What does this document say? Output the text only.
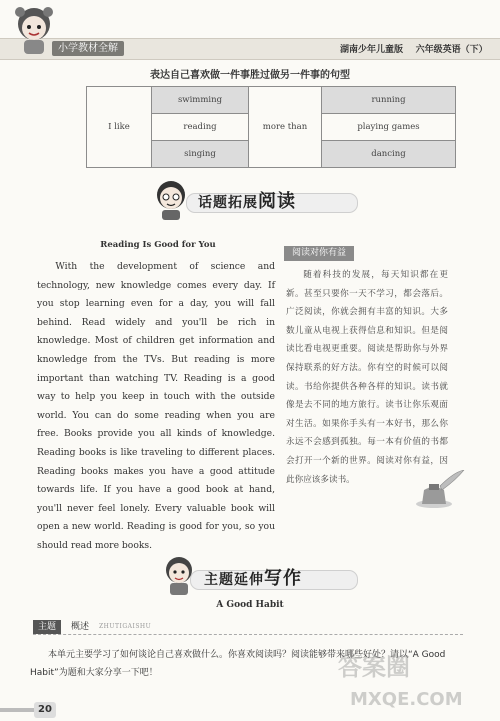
小学教材全解	湖南少年儿童版 六年级英语（下）
表达自己喜欢做一件事胜过做另一件事的句型
I like	swimming	more than	running
	reading		playing games
	singing		dancing
话题拓展阅读
Reading Is Good for You

With the development of science and technology, new knowledge comes every day. If you stop learning even for a day, you will fall behind. Read widely and you'll be rich in knowledge. Most of children get information and knowledge from the TVs. But reading is more important than watching TV. Reading is a good way to help you keep in touch with the outside world. You can do some reading when you are free. Books provide you all kinds of knowledge. Reading books is like traveling to different places. Reading books makes you have a good attitude towards life. If you have a good book at hand, you'll never feel lonely. Every valuable book will open a new world. Reading is good for you, so you should read more books.

阅读对你有益

随着科技的发展，每天知识都在更新。甚至只要你一天不学习，都会落后。广泛阅读，你就会拥有丰富的知识。大多数儿童从电视上获得信息和知识。但是阅读比看电视更重要。阅读是帮助你与外界保持联系的好方法。你有空的时候可以阅读。书给你提供各种各样的知识。读书就像是去不同的地方旅行。读书让你乐观面对生活。如果你手头有一本好书，那么你永远不会感到孤独。每一本有价值的书都会打开一个新的世界。阅读对你有益，因此你应该多读书。

主题延伸写作
A Good Habit
主题	概述	ZHUTIGAISHU

本单元主要学习了如何谈论自己喜欢做什么。你喜欢阅读吗？阅读能够带来哪些好处？请以“A Good Habit”为题和大家分享一下吧！	答案圈
MXQE.COM
20
